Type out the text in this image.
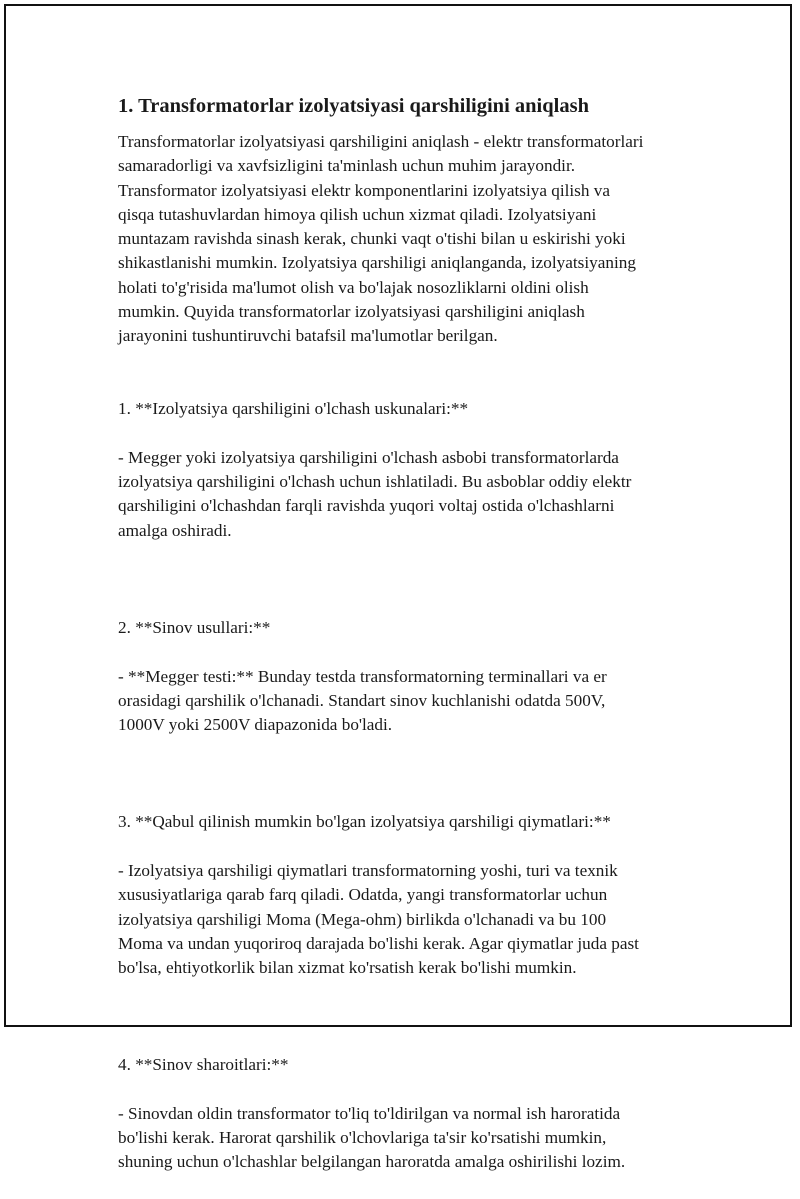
1. Transformatorlar izolyatsiyasi qarshiligini aniqlash

Transformatorlar izolyatsiyasi qarshiligini aniqlash - elektr transformatorlari
samaradorligi va xavfsizligini ta'minlash uchun muhim jarayondir.
Transformator izolyatsiyasi elektr komponentlarini izolyatsiya qilish va
qisqa tutashuvlardan himoya qilish uchun xizmat qiladi. Izolyatsiyani
muntazam ravishda sinash kerak, chunki vaqt o'tishi bilan u eskirishi yoki
shikastlanishi mumkin. Izolyatsiya qarshiligi aniqlanganda, izolyatsiyaning
holati to'g'risida ma'lumot olish va bo'lajak nosozliklarni oldini olish
mumkin. Quyida transformatorlar izolyatsiyasi qarshiligini aniqlash
jarayonini tushuntiruvchi batafsil ma'lumotlar berilgan.

1. **Izolyatsiya qarshiligini o'lchash uskunalari:**

- Megger yoki izolyatsiya qarshiligini o'lchash asbobi transformatorlarda
izolyatsiya qarshiligini o'lchash uchun ishlatiladi. Bu asboblar oddiy elektr
qarshiligini o'lchashdan farqli ravishda yuqori voltaj ostida o'lchashlarni
amalga oshiradi.

2. **Sinov usullari:**

- **Megger testi:** Bunday testda transformatorning terminallari va er
orasidagi qarshilik o'lchanadi. Standart sinov kuchlanishi odatda 500V,
1000V yoki 2500V diapazonida bo'ladi.

3. **Qabul qilinish mumkin bo'lgan izolyatsiya qarshiligi qiymatlari:**

- Izolyatsiya qarshiligi qiymatlari transformatorning yoshi, turi va texnik
xususiyatlariga qarab farq qiladi. Odatda, yangi transformatorlar uchun
izolyatsiya qarshiligi Moma (Mega-ohm) birlikda o'lchanadi va bu 100
Moma va undan yuqoriroq darajada bo'lishi kerak. Agar qiymatlar juda past
bo'lsa, ehtiyotkorlik bilan xizmat ko'rsatish kerak bo'lishi mumkin.

4. **Sinov sharoitlari:**

- Sinovdan oldin transformator to'liq to'ldirilgan va normal ish haroratida
bo'lishi kerak. Harorat qarshilik o'lchovlariga ta'sir ko'rsatishi mumkin,
shuning uchun o'lchashlar belgilangan haroratda amalga oshirilishi lozim.
